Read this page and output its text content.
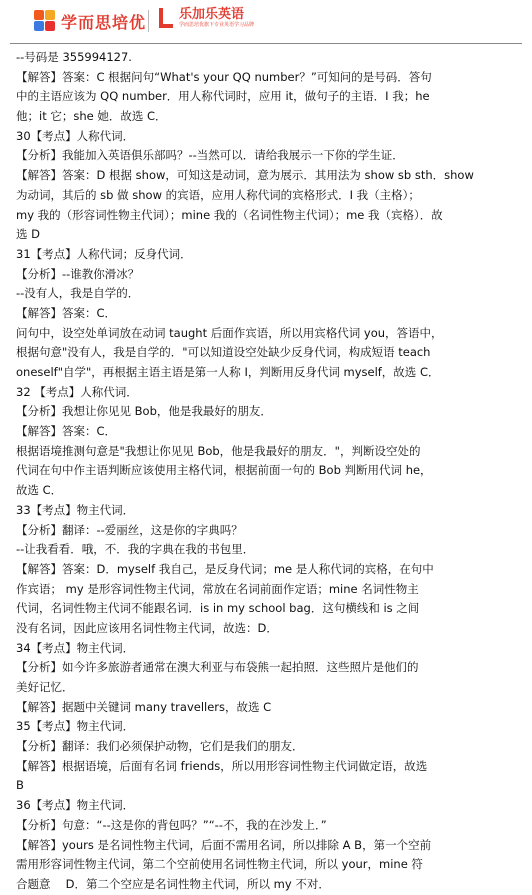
学而思培优	乐加乐英语
学而思培优旗下专业英语学习品牌
--号码是 355994127.
【解答】答案：C 根据问句“What's your QQ number？”可知问的是号码．答句
中的主语应该为 QQ number．用人称代词时，应用 it，做句子的主语．I 我；he
他；it 它；she 她．故选 C．
30【考点】人称代词．
【分析】我能加入英语俱乐部吗？--当然可以．请给我展示一下你的学生证．
【解答】答案：D 根据 show，可知这是动词，意为展示．其用法为 show sb sth．show
为动词，其后的 sb 做 show 的宾语，应用人称代词的宾格形式．I 我（主格）；
my 我的（形容词性物主代词）；mine 我的（名词性物主代词）；me 我（宾格）．故
选 D
31【考点】人称代词；反身代词．
【分析】--谁教你滑冰？
--没有人，我是自学的．
【解答】答案：C．
问句中，设空处单词放在动词 taught 后面作宾语，所以用宾格代词 you，答语中，
根据句意"没有人，我是自学的．"可以知道设空处缺少反身代词，构成短语 teach
oneself"自学"，再根据主语主语是第一人称 I，判断用反身代词 myself，故选 C．
32 【考点】人称代词．
【分析】我想让你见见 Bob，他是我最好的朋友．
【解答】答案：C．
根据语境推测句意是"我想让你见见 Bob，他是我最好的朋友．"，判断设空处的
代词在句中作主语判断应该使用主格代词，根据前面一句的 Bob 判断用代词 he，
故选 C．
33【考点】物主代词．
【分析】翻译：--爱丽丝，这是你的字典吗？
--让我看看．哦，不．我的字典在我的书包里．
【解答】答案：D．myself 我自己，是反身代词；me 是人称代词的宾格，在句中
作宾语； my 是形容词性物主代词，常放在名词前面作定语；mine 名词性物主
代词，名词性物主代词不能跟名词．is in my school bag．这句横线和 is 之间
没有名词，因此应该用名词性物主代词，故选：D．
34【考点】物主代词．
【分析】如今许多旅游者通常在澳大利亚与布袋熊一起拍照．这些照片是他们的
美好记忆．
【解答】据题中关键词 many travellers，故选 C
35【考点】物主代词．
【分析】翻译：我们必须保护动物，它们是我们的朋友．
【解答】根据语境，后面有名词 friends，所以用形容词性物主代词做定语，故选
B
36【考点】物主代词．
【分析】句意：“--这是你的背包吗？”“--不，我的在沙发上．”
【解答】yours 是名词性物主代词，后面不需用名词，所以排除 A B，第一个空前
需用形容词性物主代词，第二个空前使用名词性物主代词，所以 your，mine 符
合题意　 D．第二个空应是名词性物主代词，所以 my 不对．
